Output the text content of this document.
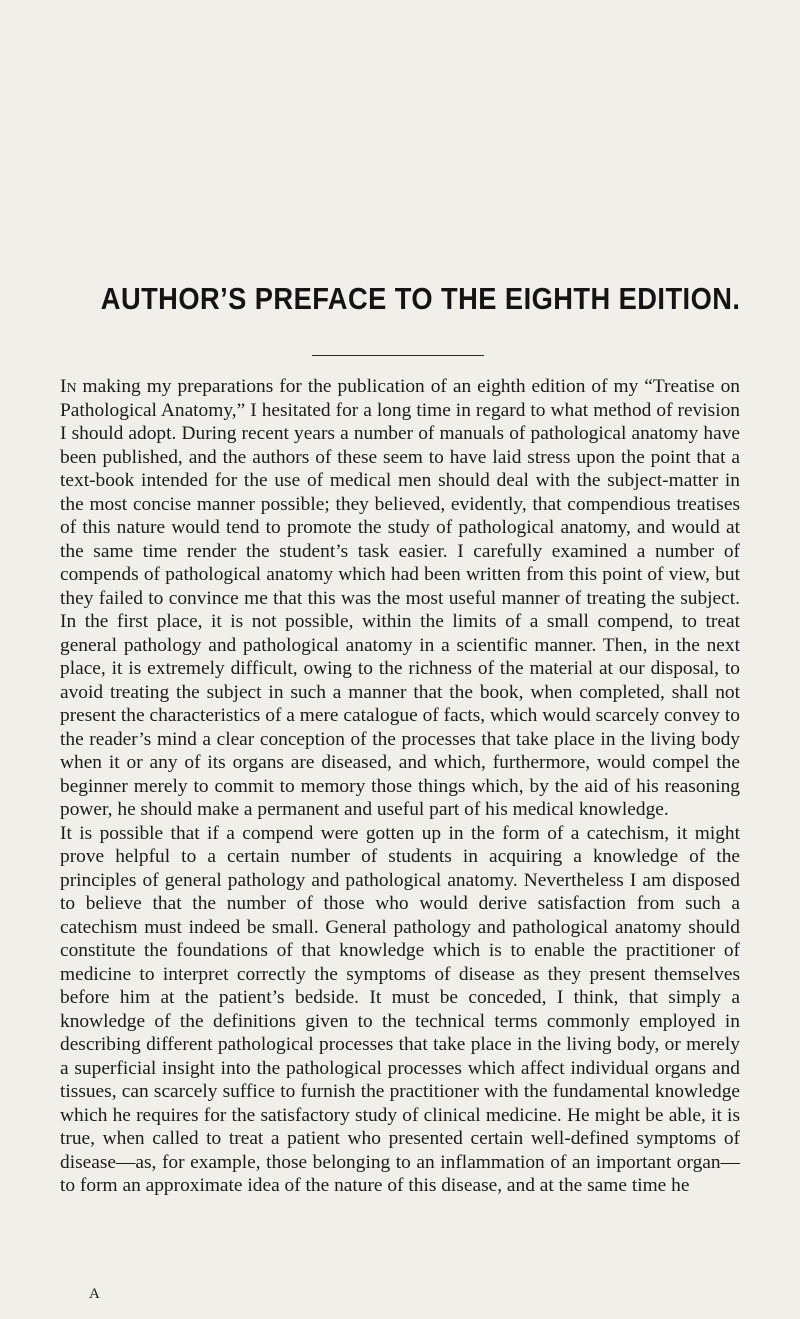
AUTHOR’S PREFACE TO THE EIGHTH EDITION.

In making my preparations for the publication of an eighth edition of my “Treatise on Pathological Anatomy,” I hesitated for a long time in regard to what method of revision I should adopt. During recent years a number of manuals of pathological anatomy have been published, and the authors of these seem to have laid stress upon the point that a text-book intended for the use of medical men should deal with the subject-matter in the most concise manner possible; they believed, evidently, that compendious treatises of this nature would tend to promote the study of pathological anatomy, and would at the same time render the student’s task easier. I carefully examined a number of compends of pathological anatomy which had been written from this point of view, but they failed to convince me that this was the most useful manner of treating the subject. In the first place, it is not possible, within the limits of a small compend, to treat general pathology and pathological anatomy in a scientific manner. Then, in the next place, it is extremely difficult, owing to the richness of the material at our disposal, to avoid treating the subject in such a manner that the book, when completed, shall not present the characteristics of a mere catalogue of facts, which would scarcely convey to the reader’s mind a clear conception of the processes that take place in the living body when it or any of its organs are diseased, and which, furthermore, would compel the beginner merely to commit to memory those things which, by the aid of his reasoning power, he should make a permanent and useful part of his medical knowledge.

It is possible that if a compend were gotten up in the form of a catechism, it might prove helpful to a certain number of students in acquiring a knowledge of the principles of general pathology and pathological anatomy. Nevertheless I am disposed to believe that the number of those who would derive satisfaction from such a catechism must indeed be small. General pathology and pathological anatomy should constitute the foundations of that knowledge which is to enable the practitioner of medicine to interpret correctly the symptoms of disease as they present themselves before him at the patient’s bedside. It must be conceded, I think, that simply a knowledge of the definitions given to the technical terms commonly employed in describing different pathological processes that take place in the living body, or merely a superficial insight into the pathological processes which affect individual organs and tissues, can scarcely suffice to furnish the practitioner with the fundamental knowledge which he requires for the satisfactory study of clinical medicine. He might be able, it is true, when called to treat a patient who presented certain well-defined symptoms of disease—as, for example, those belonging to an inflammation of an important organ—to form an approximate idea of the nature of this disease, and at the same time he

A
